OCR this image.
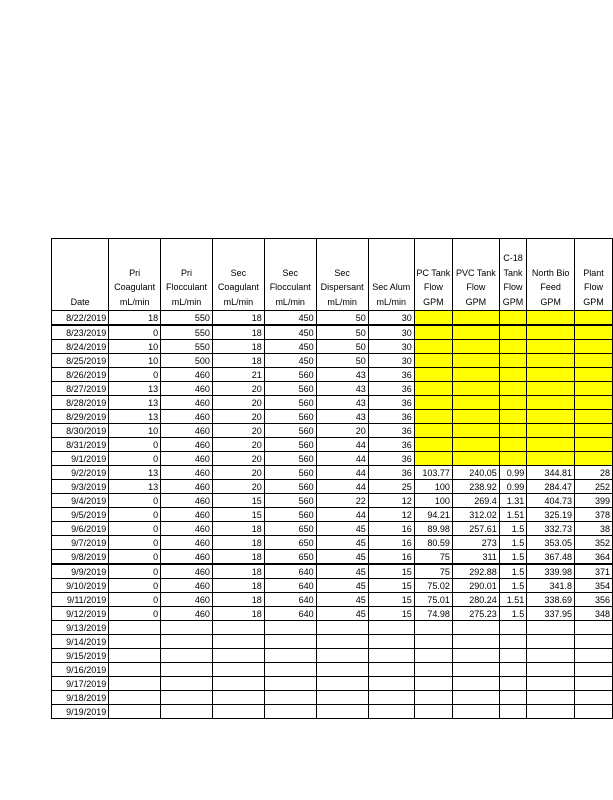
Date	Pri
Coagulant
mL/min	Pri
Flocculant
mL/min	Sec
Coagulant
mL/min	Sec
Flocculant
mL/min	Sec
Dispersant
mL/min	Sec Alum
mL/min	PC Tank
Flow
GPM	PVC Tank
Flow
GPM	C-18
Tank
Flow
GPM	North Bio
Feed
GPM	Plant
Flow
GPM
8/22/2019	18	550	18	450	50	30					
8/23/2019	0	550	18	450	50	30					
8/24/2019	10	550	18	450	50	30					
8/25/2019	10	500	18	450	50	30					
8/26/2019	0	460	21	560	43	36					
8/27/2019	13	460	20	560	43	36					
8/28/2019	13	460	20	560	43	36					
8/29/2019	13	460	20	560	43	36					
8/30/2019	10	460	20	560	20	36					
8/31/2019	0	460	20	560	44	36					
9/1/2019	0	460	20	560	44	36					
9/2/2019	13	460	20	560	44	36	103.77	240.05	0.99	344.81	28
9/3/2019	13	460	20	560	44	25	100	238.92	0.99	284.47	252
9/4/2019	0	460	15	560	22	12	100	269.4	1.31	404.73	399
9/5/2019	0	460	15	560	44	12	94.21	312.02	1.51	325.19	378
9/6/2019	0	460	18	650	45	16	89.98	257.61	1.5	332.73	38
9/7/2019	0	460	18	650	45	16	80.59	273	1.5	353.05	352
9/8/2019	0	460	18	650	45	16	75	311	1.5	367.48	364
9/9/2019	0	460	18	640	45	15	75	292.88	1.5	339.98	371
9/10/2019	0	460	18	640	45	15	75.02	290.01	1.5	341.8	354
9/11/2019	0	460	18	640	45	15	75.01	280.24	1.51	338.69	356
9/12/2019	0	460	18	640	45	15	74.98	275.23	1.5	337.95	348
9/13/2019											
9/14/2019											
9/15/2019											
9/16/2019											
9/17/2019											
9/18/2019											
9/19/2019											
